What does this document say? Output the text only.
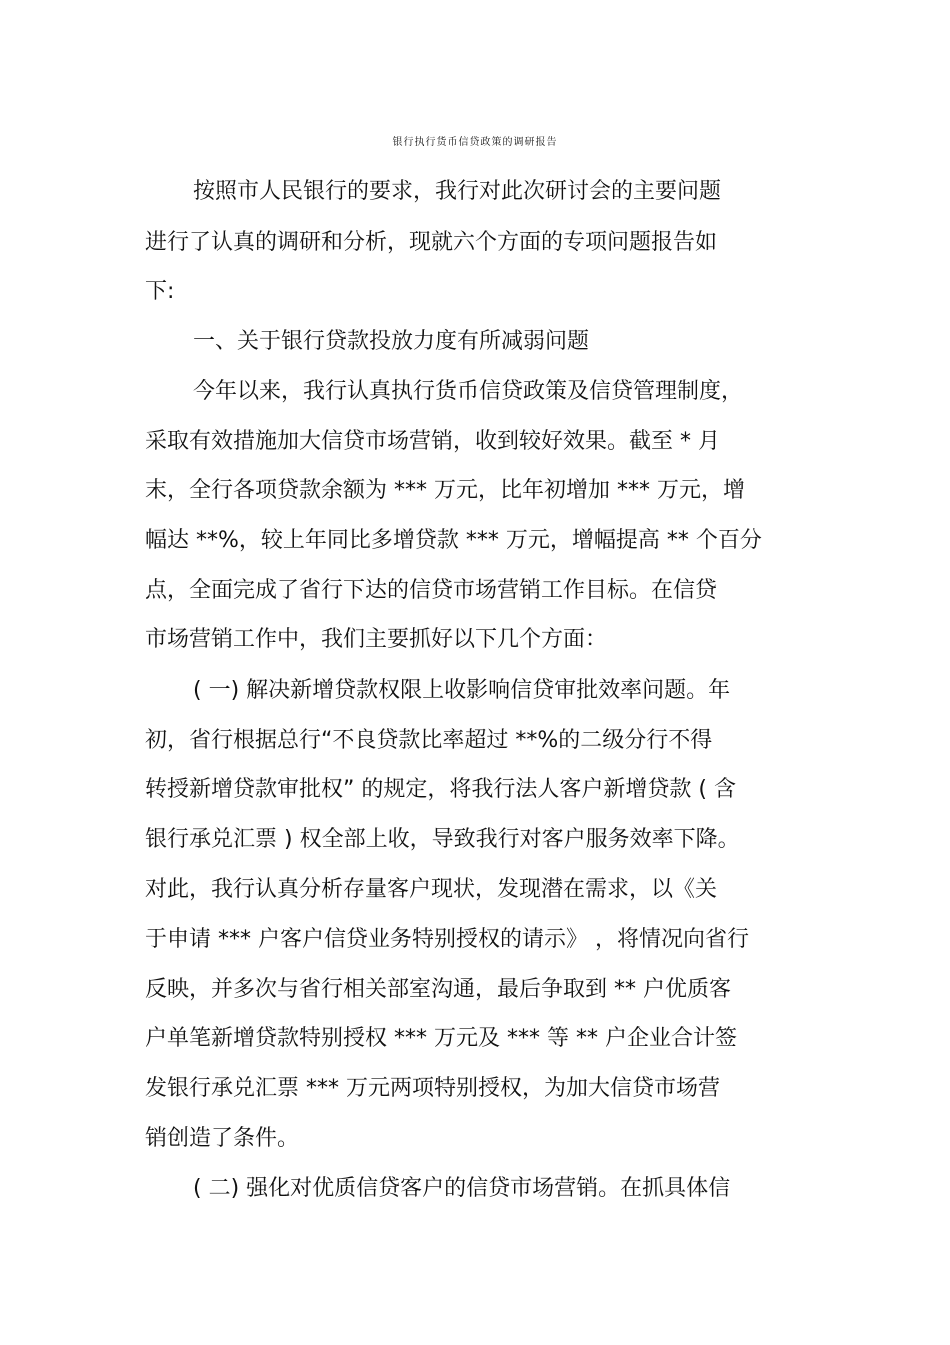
银行执行货币信贷政策的调研报告
按照市人民银行的要求，我行对此次研讨会的主要问题
进行了认真的调研和分析，现就六个方面的专项问题报告如
下:
一、关于银行贷款投放力度有所减弱问题
今年以来，我行认真执行货币信贷政策及信贷管理制度，
采取有效措施加大信贷市场营销，收到较好效果。截至 * 月
末，全行各项贷款余额为 *** 万元，比年初增加 *** 万元，增
幅达 **%，较上年同比多增贷款 *** 万元，增幅提高 ** 个百分
点，全面完成了省行下达的信贷市场营销工作目标。在信贷
市场营销工作中，我们主要抓好以下几个方面：
( 一) 解决新增贷款权限上收影响信贷审批效率问题。年
初，省行根据总行“不良贷款比率超过 **%的二级分行不得
转授新增贷款审批权” 的规定，将我行法人客户新增贷款 ( 含
银行承兑汇票 ) 权全部上收，导致我行对客户服务效率下降。
对此，我行认真分析存量客户现状，发现潜在需求，以《关
于申请 *** 户客户信贷业务特别授权的请示》 ，将情况向省行
反映，并多次与省行相关部室沟通，最后争取到 ** 户优质客
户单笔新增贷款特别授权 *** 万元及 *** 等 ** 户企业合计签
发银行承兑汇票 *** 万元两项特别授权，为加大信贷市场营
销创造了条件。
( 二) 强化对优质信贷客户的信贷市场营销。在抓具体信
